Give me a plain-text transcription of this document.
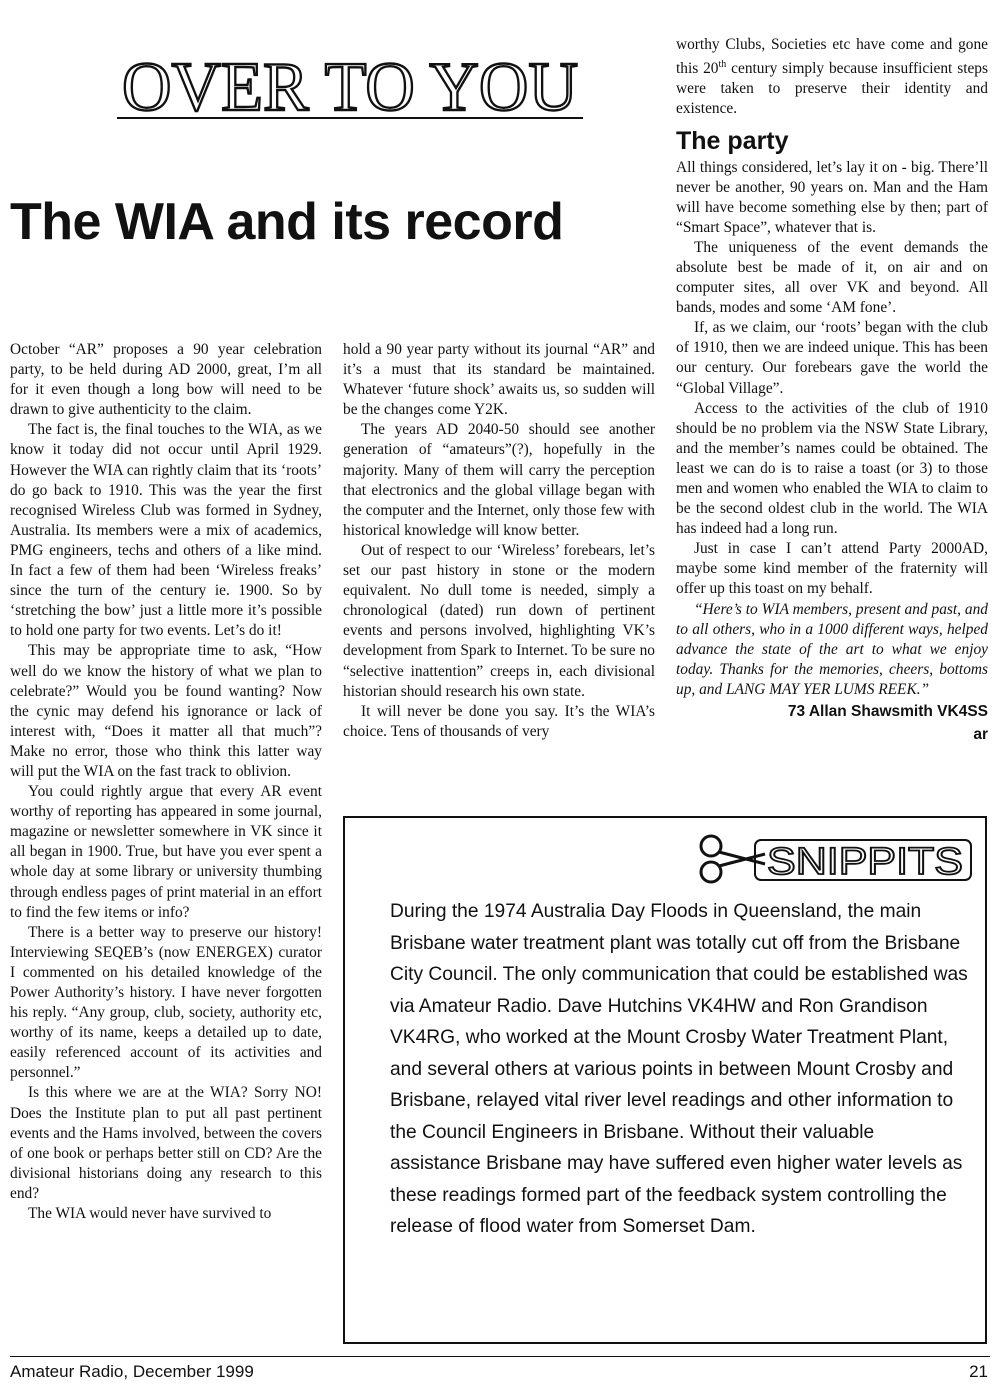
OVER TO YOU
The WIA and its record

October “AR” proposes a 90 year celebration party, to be held during AD 2000, great, I’m all for it even though a long bow will need to be drawn to give authenticity to the claim.

The fact is, the final touches to the WIA, as we know it today did not occur until April 1929. However the WIA can rightly claim that its ‘roots’ do go back to 1910. This was the year the first recognised Wireless Club was formed in Sydney, Australia. Its members were a mix of academics, PMG engineers, techs and others of a like mind. In fact a few of them had been ‘Wireless freaks’ since the turn of the century ie. 1900. So by ‘stretching the bow’ just a little more it’s possible to hold one party for two events. Let’s do it!

This may be appropriate time to ask, “How well do we know the history of what we plan to celebrate?” Would you be found wanting? Now the cynic may defend his ignorance or lack of interest with, “Does it matter all that much”? Make no error, those who think this latter way will put the WIA on the fast track to oblivion.

You could rightly argue that every AR event worthy of reporting has appeared in some journal, magazine or newsletter somewhere in VK since it all began in 1900. True, but have you ever spent a whole day at some library or university thumbing through endless pages of print material in an effort to find the few items or info?

There is a better way to preserve our history! Interviewing SEQEB’s (now ENERGEX) curator I commented on his detailed knowledge of the Power Authority’s history. I have never forgotten his reply. “Any group, club, society, authority etc, worthy of its name, keeps a detailed up to date, easily referenced account of its activities and personnel.”

Is this where we are at the WIA? Sorry NO! Does the Institute plan to put all past pertinent events and the Hams involved, between the covers of one book or perhaps better still on CD? Are the divisional historians doing any research to this end?

The WIA would never have survived to

hold a 90 year party without its journal “AR” and it’s a must that its standard be maintained. Whatever ‘future shock’ awaits us, so sudden will be the changes come Y2K.

The years AD 2040-50 should see another generation of “amateurs”(?), hopefully in the majority. Many of them will carry the perception that electronics and the global village began with the computer and the Internet, only those few with historical knowledge will know better.

Out of respect to our ‘Wireless’ forebears, let’s set our past history in stone or the modern equivalent. No dull tome is needed, simply a chronological (dated) run down of pertinent events and persons involved, highlighting VK’s development from Spark to Internet. To be sure no “selective inattention” creeps in, each divisional historian should research his own state.

It will never be done you say. It’s the WIA’s choice. Tens of thousands of very

worthy Clubs, Societies etc have come and gone this 20th century simply because insufficient steps were taken to preserve their identity and existence.

The party

All things considered, let’s lay it on - big. There’ll never be another, 90 years on. Man and the Ham will have become something else by then; part of “Smart Space”, whatever that is.

The uniqueness of the event demands the absolute best be made of it, on air and on computer sites, all over VK and beyond. All bands, modes and some ‘AM fone’.

If, as we claim, our ‘roots’ began with the club of 1910, then we are indeed unique. This has been our century. Our forebears gave the world the “Global Village”.

Access to the activities of the club of 1910 should be no problem via the NSW State Library, and the member’s names could be obtained. The least we can do is to raise a toast (or 3) to those men and women who enabled the WIA to claim to be the second oldest club in the world. The WIA has indeed had a long run.

Just in case I can’t attend Party 2000AD, maybe some kind member of the fraternity will offer up this toast on my behalf.

“Here’s to WIA members, present and past, and to all others, who in a 1000 different ways, helped advance the state of the art to what we enjoy today. Thanks for the memories, cheers, bottoms up, and LANG MAY YER LUMS REEK.”

73 Allan Shawsmith VK4SS
ar
SNIPPITS
During the 1974 Australia Day Floods in Queensland, the main Brisbane water treatment plant was totally cut off from the Brisbane City Council. The only communication that could be established was via Amateur Radio. Dave Hutchins VK4HW and Ron Grandison VK4RG, who worked at the Mount Crosby Water Treatment Plant, and several others at various points in between Mount Crosby and Brisbane, relayed vital river level readings and other information to the Council Engineers in Brisbane. Without their valuable assistance Brisbane may have suffered even higher water levels as these readings formed part of the feedback system controlling the release of flood water from Somerset Dam.
Amateur Radio, December 1999	21
